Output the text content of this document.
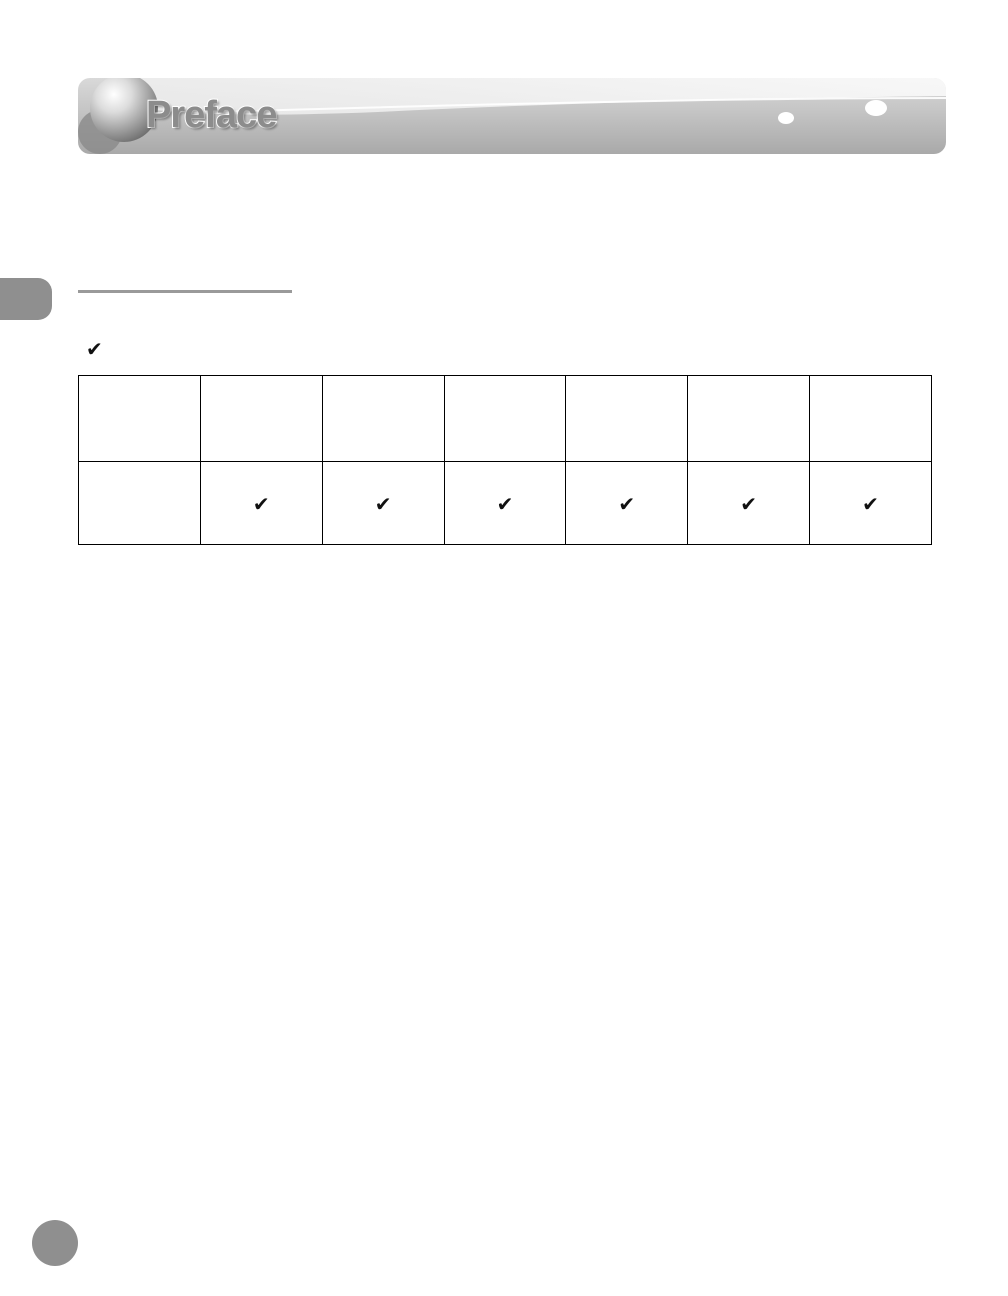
Preface
✔

	✔	✔	✔	✔	✔	✔
